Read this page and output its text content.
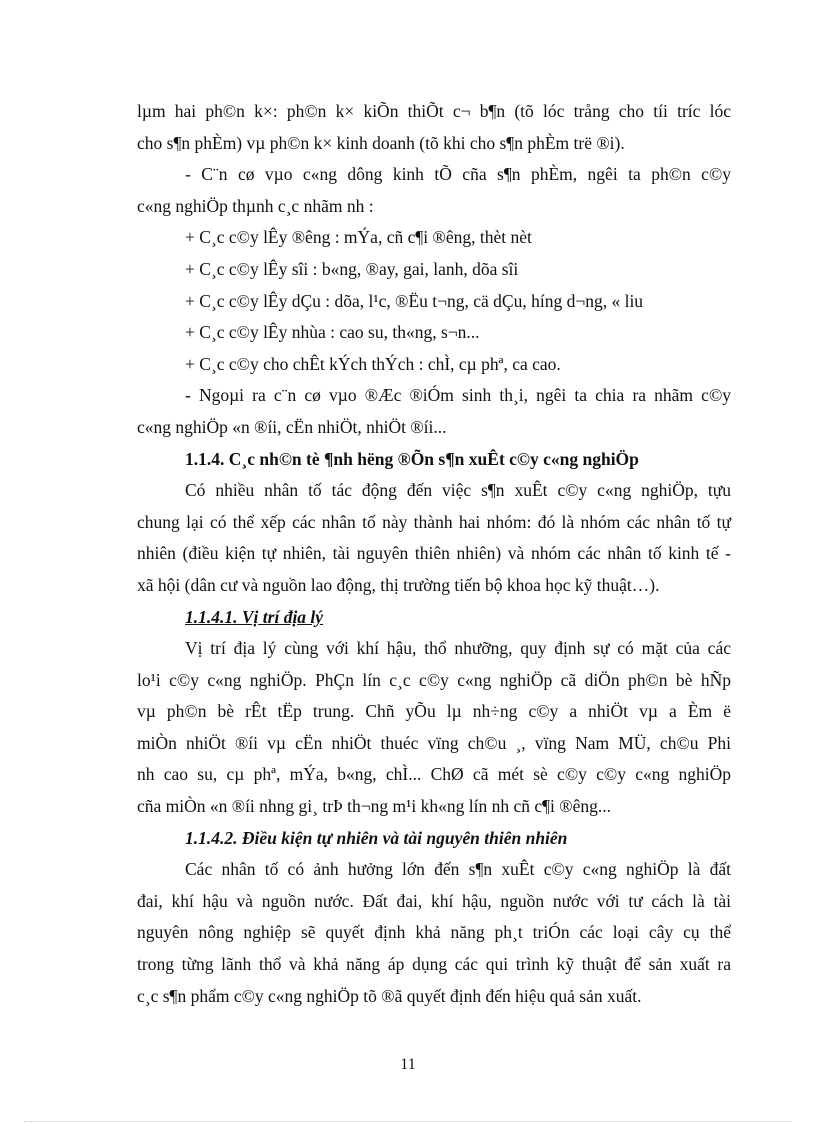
lµm hai ph©n k×: ph©n k× kiÕn thiÕt c¬ b¶n (tõ lóc trång cho tíi tríc lóc
cho s¶n phÈm) vµ ph©n k× kinh doanh (tõ khi cho s¶n phÈm trë ®i).
- C¨n cø vµo c«ng dông kinh tÕ cña s¶n phÈm, ngêi ta ph©n c©y
c«ng nghiÖp thµnh c¸c nhãm nh :
+ C¸c c©y lÊy ®êng : mÝa, cñ c¶i ®êng, thèt nèt
+ C¸c c©y lÊy sîi : b«ng, ®ay, gai, lanh, dõa sîi
+ C¸c c©y lÊy dÇu : dõa, l¹c, ®Ëu t¬ng, cä dÇu, híng d¬ng, « liu
+ C¸c c©y lÊy nhùa : cao su, th«ng, s¬n...
+ C¸c c©y cho chÊt kÝch thÝch : chÌ, cµ phª, ca cao.
- Ngoµi ra c¨n cø vµo ®Æc ®iÓm sinh th¸i, ngêi ta chia ra nhãm c©y
c«ng nghiÖp «n ®íi, cËn nhiÖt, nhiÖt ®íi...
1.1.4. C¸c nh©n tè ¶nh hëng ®Õn s¶n xuÊt c©y c«ng nghiÖp
Có nhiều nhân tố tác động đến việc s¶n xuÊt c©y c«ng nghiÖp, tựu
chung lại có thể xếp các nhân tố này thành hai nhóm: đó là nhóm các nhân tố tự
nhiên (điều kiện tự nhiên, tài nguyên thiên nhiên) và nhóm các nhân tố kinh tế -
xã hội (dân cư và nguồn lao động, thị trường tiến bộ khoa học kỹ thuật…).
1.1.4.1. Vị trí địa lý
Vị trí địa lý cùng với khí hậu, thổ nhưỡng, quy định sự có mặt của các
lo¹i c©y c«ng nghiÖp. PhÇn lín c¸c c©y c«ng nghiÖp cã diÖn ph©n bè hÑp
vµ ph©n bè rÊt tËp trung. Chñ yÕu lµ nh÷ng c©y a nhiÖt vµ a Èm ë
miÒn nhiÖt ®íi vµ cËn nhiÖt thuéc vïng ch©u ¸, vïng Nam MÜ, ch©u Phi
nh cao su, cµ phª, mÝa, b«ng, chÌ... ChØ cã mét sè c©y c©y c«ng nghiÖp
cña miÒn «n ®íi nhng gi¸ trÞ th¬ng m¹i kh«ng lín nh cñ c¶i ®êng...
1.1.4.2. Điều kiện tự nhiên và tài nguyên thiên nhiên
Các nhân tố có ảnh hưởng lớn đến s¶n xuÊt c©y c«ng nghiÖp là đất
đai, khí hậu và nguồn nước. Đất đai, khí hậu, nguồn nước với tư cách là tài
nguyên nông nghiệp sẽ quyết định khả năng ph¸t triÓn các loại cây cụ thể
trong từng lãnh thổ và khả năng áp dụng các qui trình kỹ thuật để sản xuất ra
c¸c s¶n phẩm c©y c«ng nghiÖp tõ ®ã quyết định đến hiệu quả sản xuất.
11
